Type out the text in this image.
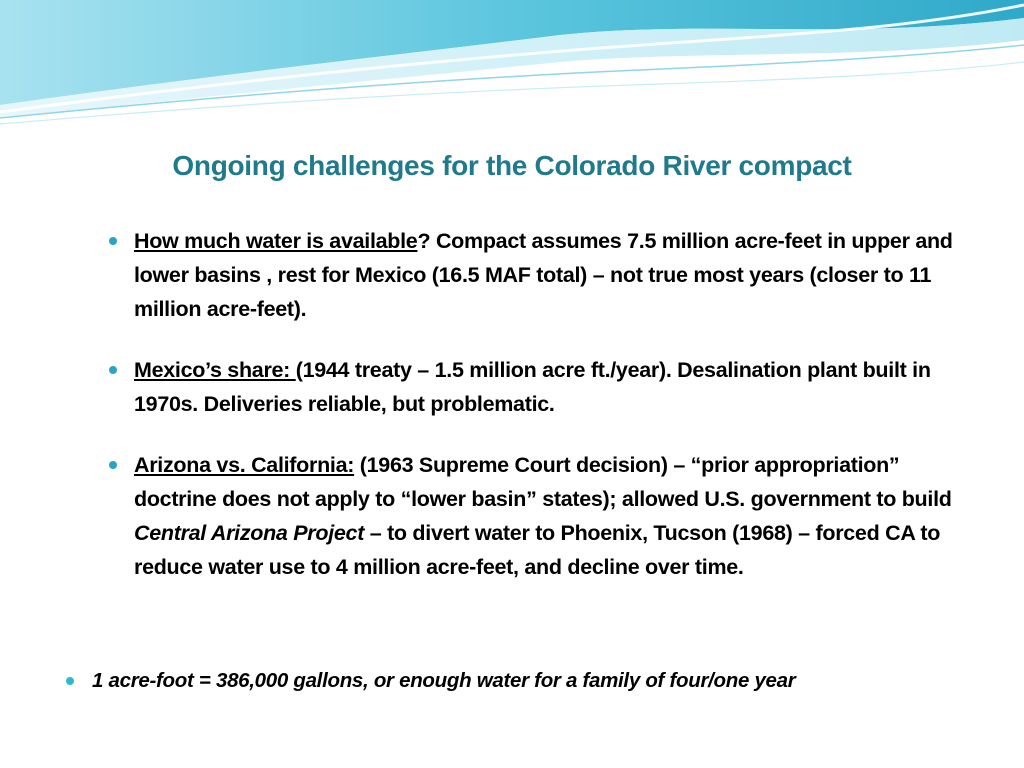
Ongoing challenges for the Colorado River compact
How much water is available? Compact assumes 7.5 million acre-feet in upper and lower basins , rest for Mexico (16.5 MAF total) – not true most years (closer to 11 million acre-feet).
Mexico’s share: (1944 treaty – 1.5 million acre ft./year). Desalination plant built in 1970s. Deliveries reliable, but problematic.
Arizona vs. California: (1963 Supreme Court decision) – “prior appropriation” doctrine does not apply to “lower basin” states); allowed U.S. government to build Central Arizona Project – to divert water to Phoenix, Tucson (1968) – forced CA to reduce water use to 4 million acre-feet, and decline over time.
1 acre-foot = 386,000 gallons, or enough water for a family of four/one year
